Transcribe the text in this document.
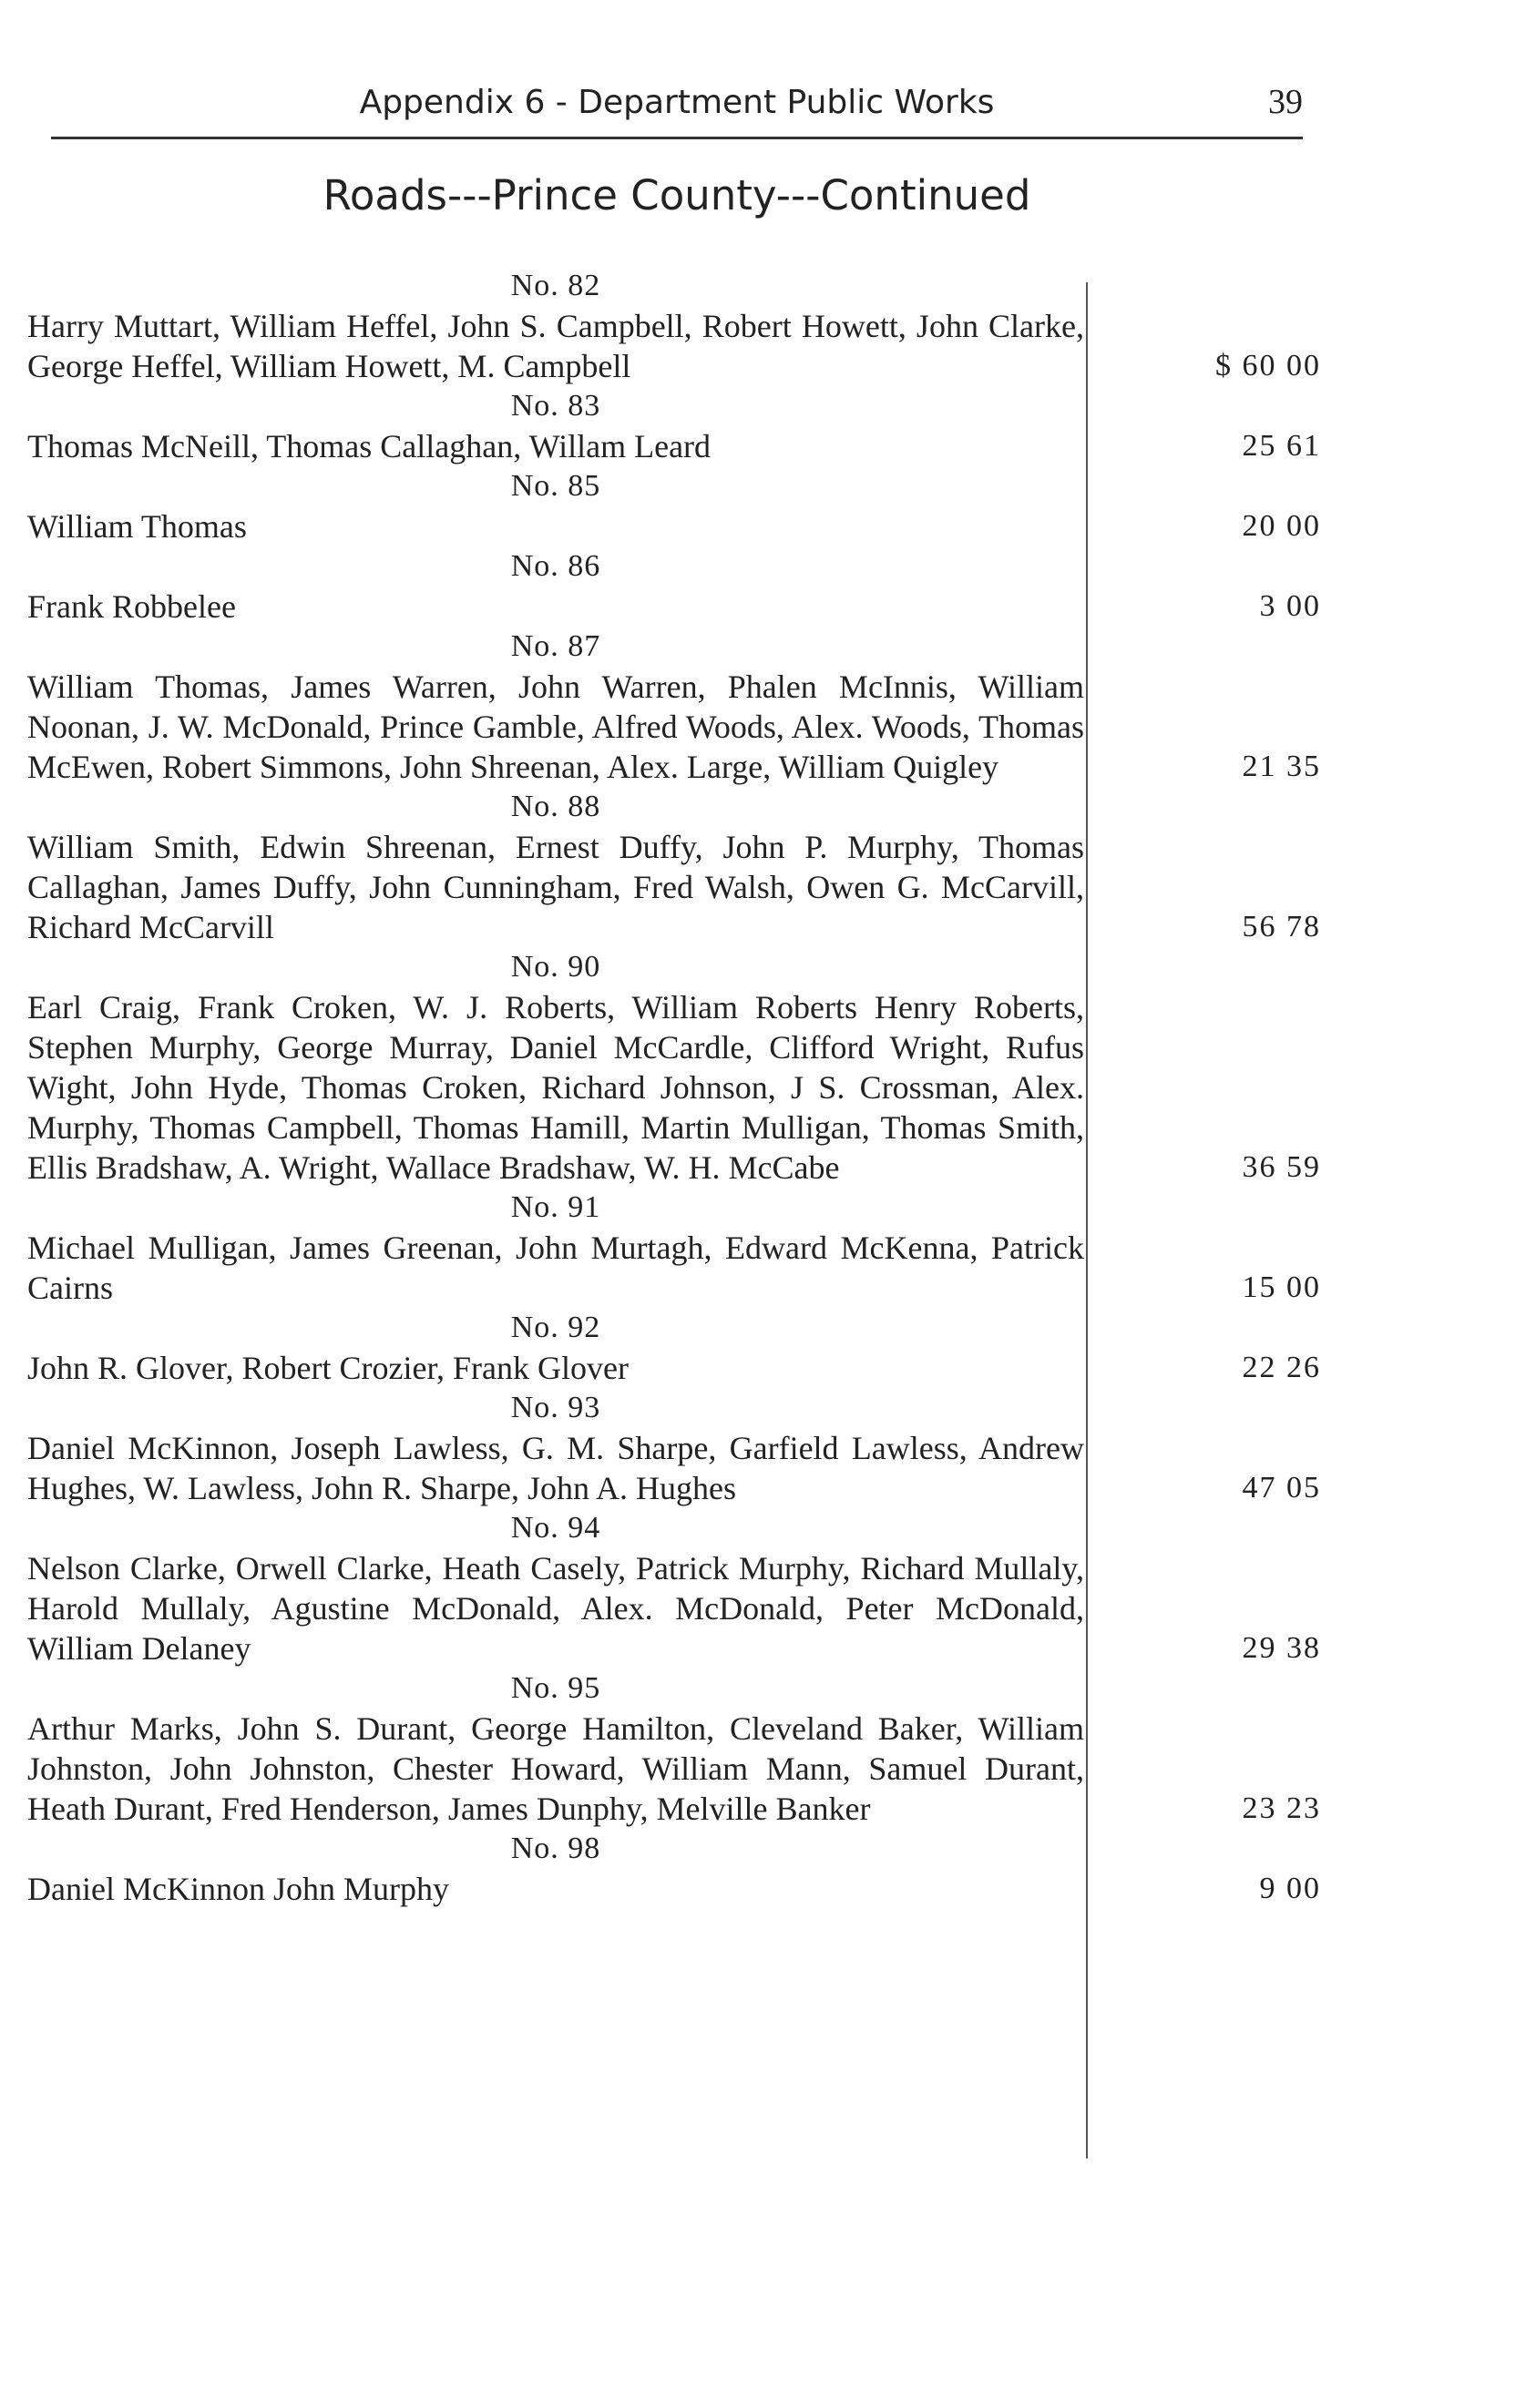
Appendix 6 - Department Public Works	39
Roads---Prince County---Continued
No. 82
Harry Muttart, William Heffel, John S. Campbell, Robert Howett, John Clarke, George Heffel, William Howett, M. Campbell	$ 60 00
No. 83
Thomas McNeill, Thomas Callaghan, Willam Leard	25 61
No. 85
William Thomas	20 00
No. 86
Frank Robbelee	3 00
No. 87
William Thomas, James Warren, John Warren, Phalen McInnis, William Noonan, J. W. McDonald, Prince Gamble, Alfred Woods, Alex. Woods, Thomas McEwen, Robert Simmons, John Shreenan, Alex. Large, William Quigley	21 35
No. 88
William Smith, Edwin Shreenan, Ernest Duffy, John P. Murphy, Thomas Callaghan, James Duffy, John Cunningham, Fred Walsh, Owen G. McCarvill, Richard McCarvill	56 78
No. 90
Earl Craig, Frank Croken, W. J. Roberts, William Roberts Henry Roberts, Stephen Murphy, George Murray, Daniel McCardle, Clifford Wright, Rufus Wight, John Hyde, Thomas Croken, Richard Johnson, J S. Crossman, Alex. Murphy, Thomas Campbell, Thomas Hamill, Martin Mulligan, Thomas Smith, Ellis Bradshaw, A. Wright, Wallace Bradshaw, W. H. McCabe	36 59
No. 91
Michael Mulligan, James Greenan, John Murtagh, Edward McKenna, Patrick Cairns	15 00
No. 92
John R. Glover, Robert Crozier, Frank Glover	22 26
No. 93
Daniel McKinnon, Joseph Lawless, G. M. Sharpe, Garfield Lawless, Andrew Hughes, W. Lawless, John R. Sharpe, John A. Hughes	47 05
No. 94
Nelson Clarke, Orwell Clarke, Heath Casely, Patrick Murphy, Richard Mullaly, Harold Mullaly, Agustine McDonald, Alex. McDonald, Peter McDonald, William Delaney	29 38
No. 95
Arthur Marks, John S. Durant, George Hamilton, Cleveland Baker, William Johnston, John Johnston, Chester Howard, William Mann, Samuel Durant, Heath Durant, Fred Henderson, James Dunphy, Melville Banker	23 23
No. 98
Daniel McKinnon John Murphy	9 00
